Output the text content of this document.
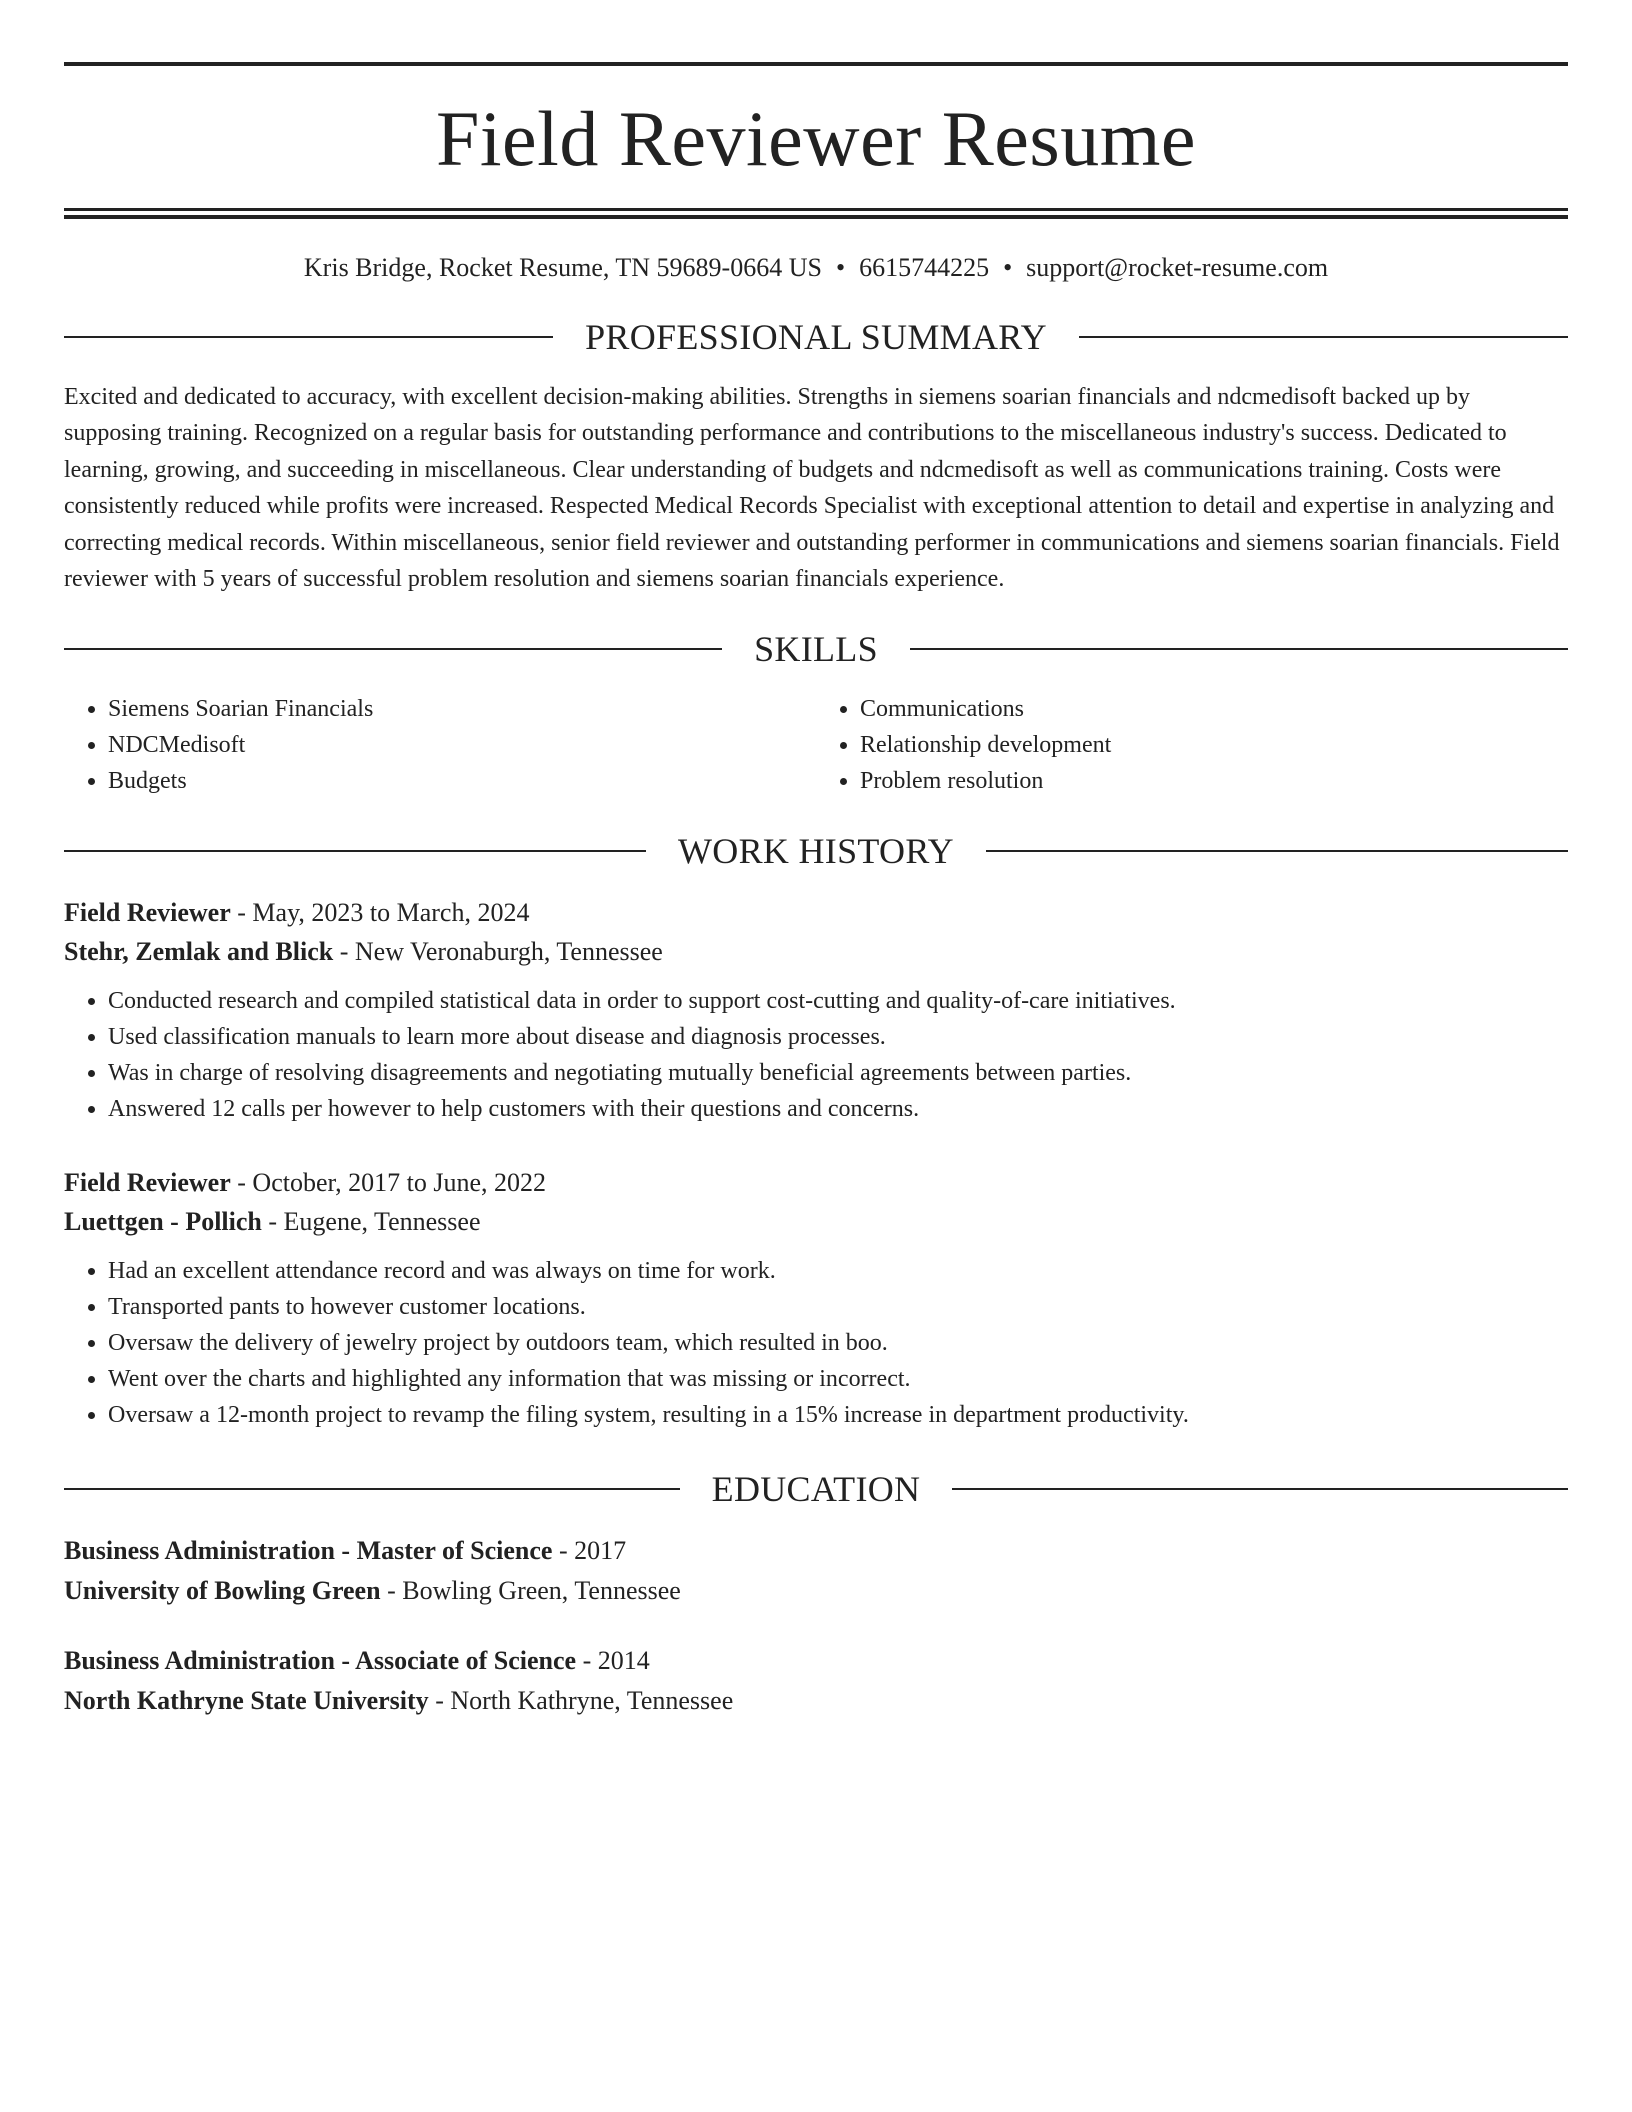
Field Reviewer Resume
Kris Bridge, Rocket Resume, TN 59689-0664 US • 6615744225 • support@rocket-resume.com
PROFESSIONAL SUMMARY

Excited and dedicated to accuracy, with excellent decision-making abilities. Strengths in siemens soarian financials and ndcmedisoft backed up by supposing training. Recognized on a regular basis for outstanding performance and contributions to the miscellaneous industry's success. Dedicated to learning, growing, and succeeding in miscellaneous. Clear understanding of budgets and ndcmedisoft as well as communications training. Costs were consistently reduced while profits were increased. Respected Medical Records Specialist with exceptional attention to detail and expertise in analyzing and correcting medical records. Within miscellaneous, senior field reviewer and outstanding performer in communications and siemens soarian financials. Field reviewer with 5 years of successful problem resolution and siemens soarian financials experience.

SKILLS
• Siemens Soarian Financials
• NDCMedisoft
• Budgets
• Communications
• Relationship development
• Problem resolution
WORK HISTORY
Field Reviewer - May, 2023 to March, 2024
Stehr, Zemlak and Blick - New Veronaburgh, Tennessee
• Conducted research and compiled statistical data in order to support cost-cutting and quality-of-care initiatives.
• Used classification manuals to learn more about disease and diagnosis processes.
• Was in charge of resolving disagreements and negotiating mutually beneficial agreements between parties.
• Answered 12 calls per however to help customers with their questions and concerns.
Field Reviewer - October, 2017 to June, 2022
Luettgen - Pollich - Eugene, Tennessee
• Had an excellent attendance record and was always on time for work.
• Transported pants to however customer locations.
• Oversaw the delivery of jewelry project by outdoors team, which resulted in boo.
• Went over the charts and highlighted any information that was missing or incorrect.
• Oversaw a 12-month project to revamp the filing system, resulting in a 15% increase in department productivity.
EDUCATION
Business Administration - Master of Science - 2017
University of Bowling Green - Bowling Green, Tennessee
Business Administration - Associate of Science - 2014
North Kathryne State University - North Kathryne, Tennessee
